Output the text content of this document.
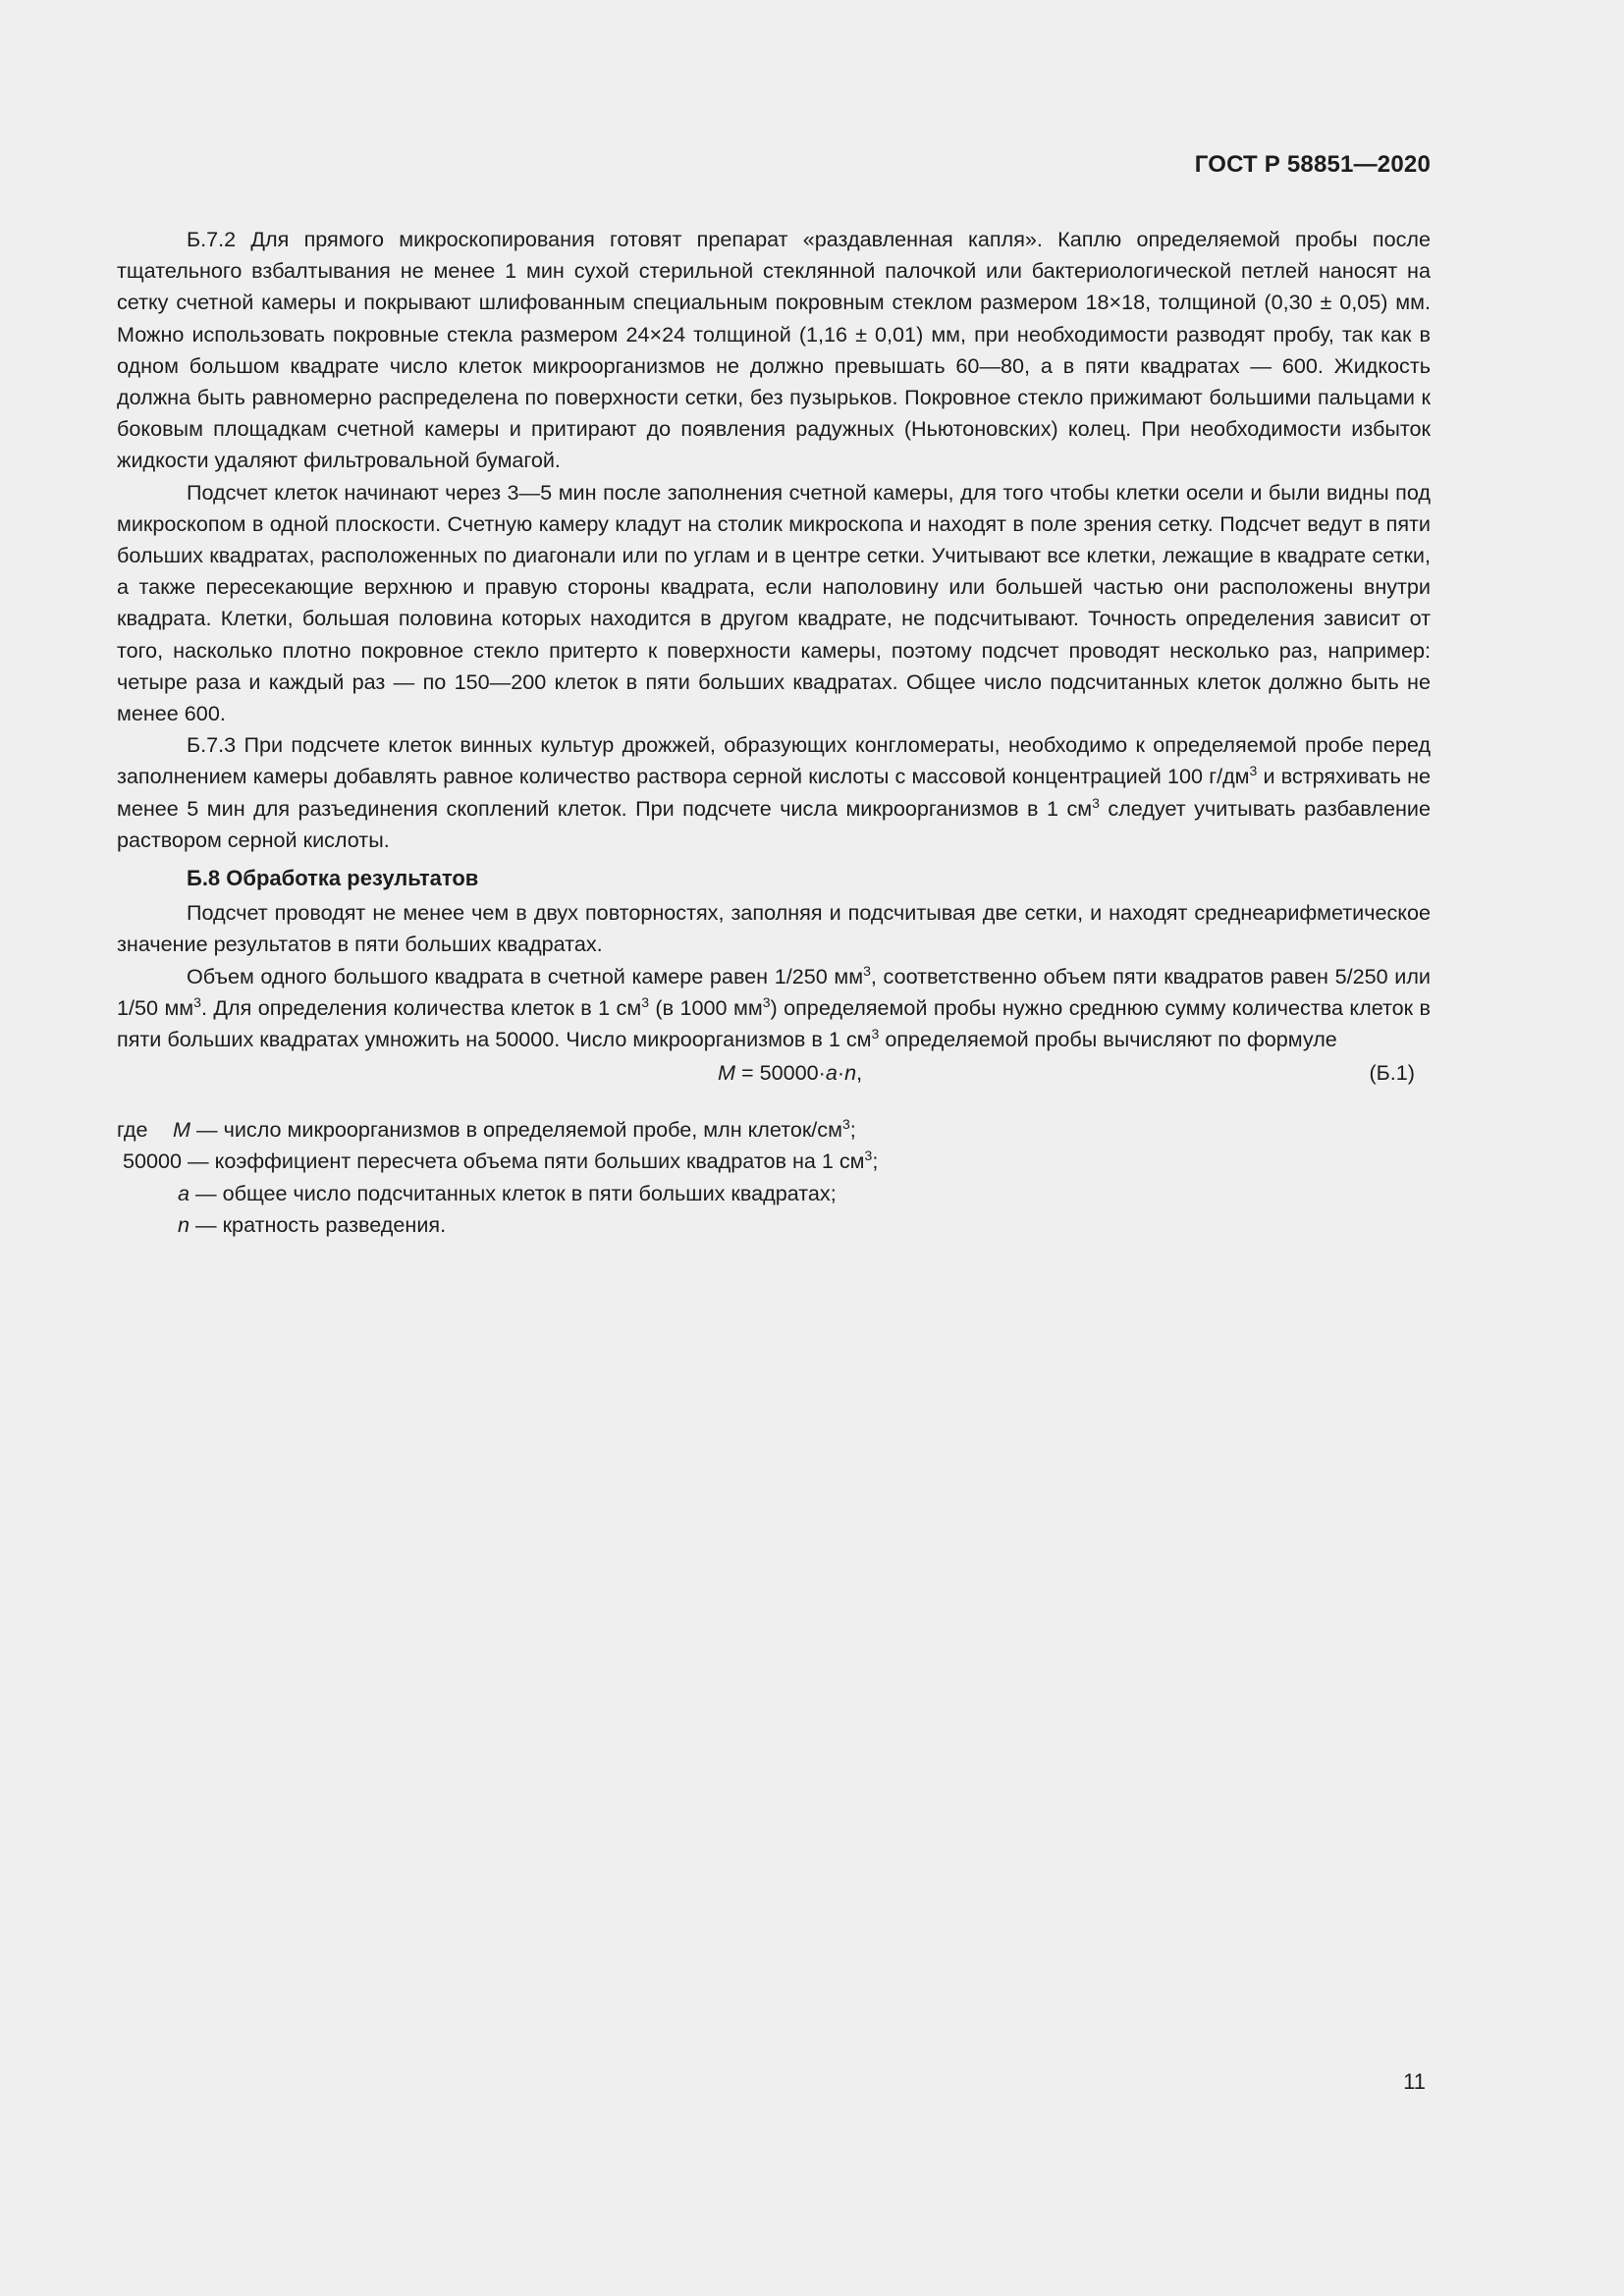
ГОСТ Р 58851—2020

Б.7.2 Для прямого микроскопирования готовят препарат «раздавленная капля». Каплю определяемой пробы после тщательного взбалтывания не менее 1 мин сухой стерильной стеклянной палочкой или бактериологической петлей наносят на сетку счетной камеры и покрывают шлифованным специальным покровным стеклом размером 18×18, толщиной (0,30 ± 0,05) мм. Можно использовать покровные стекла размером 24×24 толщиной (1,16 ± 0,01) мм, при необходимости разводят пробу, так как в одном большом квадрате число клеток микроорганизмов не должно превышать 60—80, а в пяти квадратах — 600. Жидкость должна быть равномерно распределена по поверхности сетки, без пузырьков. Покровное стекло прижимают большими пальцами к боковым площадкам счетной камеры и притирают до появления радужных (Ньютоновских) колец. При необходимости избыток жидкости удаляют фильтровальной бумагой.

Подсчет клеток начинают через 3—5 мин после заполнения счетной камеры, для того чтобы клетки осели и были видны под микроскопом в одной плоскости. Счетную камеру кладут на столик микроскопа и находят в поле зрения сетку. Подсчет ведут в пяти больших квадратах, расположенных по диагонали или по углам и в центре сетки. Учитывают все клетки, лежащие в квадрате сетки, а также пересекающие верхнюю и правую стороны квадрата, если наполовину или большей частью они расположены внутри квадрата. Клетки, большая половина которых находится в другом квадрате, не подсчитывают. Точность определения зависит от того, насколько плотно покровное стекло притерто к поверхности камеры, поэтому подсчет проводят несколько раз, например: четыре раза и каждый раз — по 150—200 клеток в пяти больших квадратах. Общее число подсчитанных клеток должно быть не менее 600.

Б.7.3 При подсчете клеток винных культур дрожжей, образующих конгломераты, необходимо к определяемой пробе перед заполнением камеры добавлять равное количество раствора серной кислоты с массовой концентрацией 100 $г/дм^3$ и встряхивать не менее 5 мин для разъединения скоплений клеток. При подсчете числа микроорганизмов в 1 $см^3$ следует учитывать разбавление раствором серной кислоты.

Б.8 Обработка результатов

Подсчет проводят не менее чем в двух повторностях, заполняя и подсчитывая две сетки, и находят среднеарифметическое значение результатов в пяти больших квадратах.

Объем одного большого квадрата в счетной камере равен 1/250 $мм^3$, соответственно объем пяти квадратов равен 5/250 или 1/50 $мм^3$. Для определения количества клеток в 1 $см^3$ (в 1000 $мм^3$) определяемой пробы нужно среднюю сумму количества клеток в пяти больших квадратах умножить на 50000. Число микроорганизмов в 1 $см^3$ определяемой пробы вычисляют по формуле

M = 50000·a·n,	(Б.1)
где M — число микроорганизмов в определяемой пробе, млн клеток/$см^3$;
50000 — коэффициент пересчета объема пяти больших квадратов на 1 $см^3$;
a — общее число подсчитанных клеток в пяти больших квадратах;
n — кратность разведения.
11
